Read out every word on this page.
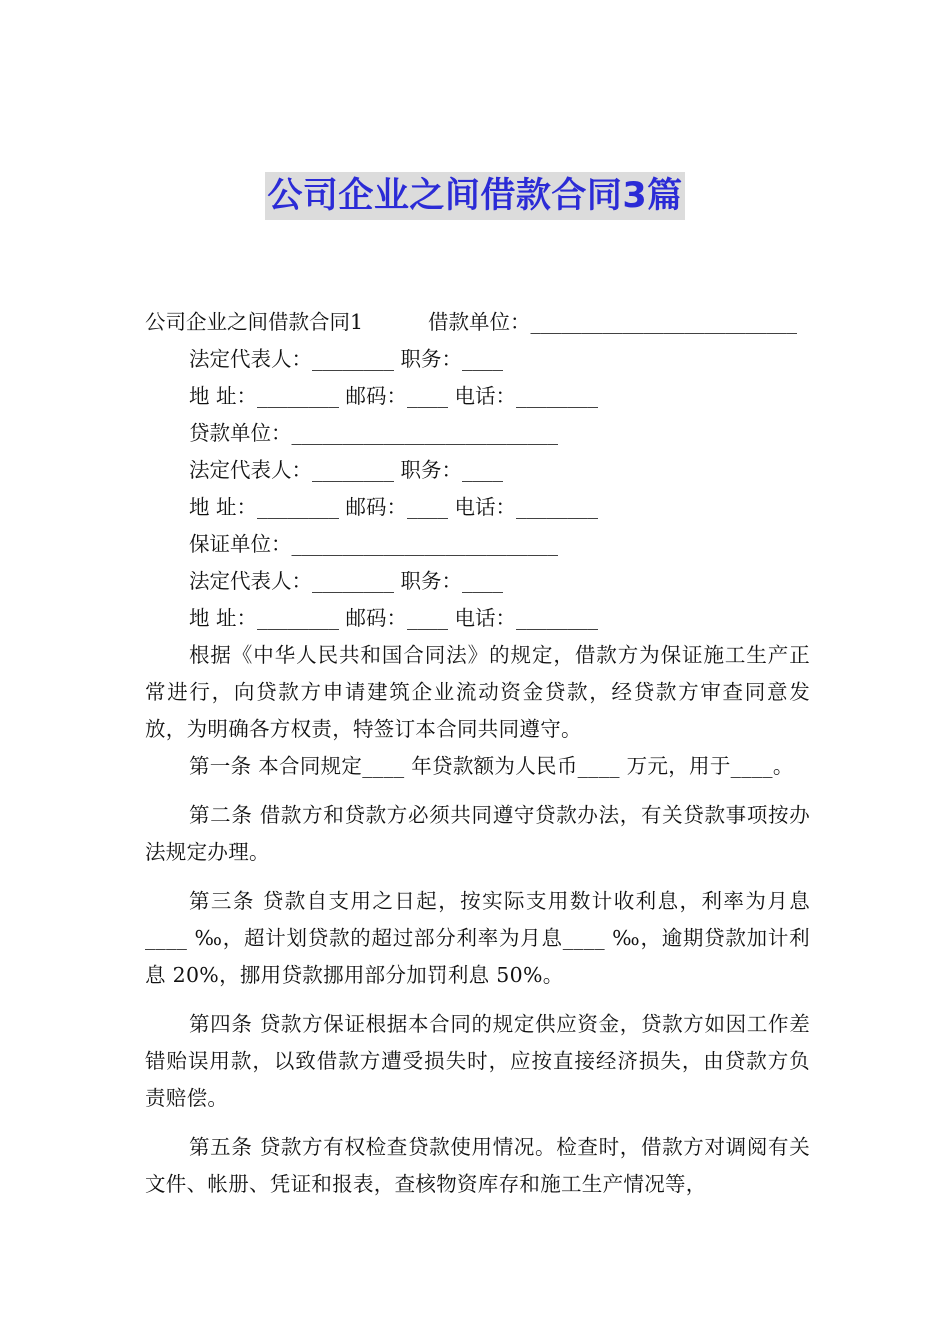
公司企业之间借款合同3篇
公司企业之间借款合同1	借款单位：__________________________
法定代表人：________ 职务：____
地 址：________ 邮码：____ 电话：________
贷款单位：__________________________
法定代表人：________ 职务：____
地 址：________ 邮码：____ 电话：________
保证单位：__________________________
法定代表人：________ 职务：____
地 址：________ 邮码：____ 电话：________

根据《中华人民共和国合同法》的规定，借款方为保证施工生产正常进行，向贷款方申请建筑企业流动资金贷款，经贷款方审查同意发放，为明确各方权责，特签订本合同共同遵守。

第一条 本合同规定____ 年贷款额为人民币____ 万元，用于____。

第二条 借款方和贷款方必须共同遵守贷款办法，有关贷款事项按办法规定办理。

第三条 贷款自支用之日起，按实际支用数计收利息，利率为月息____ ‰，超计划贷款的超过部分利率为月息____ ‰，逾期贷款加计利息 20%，挪用贷款挪用部分加罚利息 50%。

第四条 贷款方保证根据本合同的规定供应资金，贷款方如因工作差错贻误用款，以致借款方遭受损失时，应按直接经济损失，由贷款方负责赔偿。

第五条 贷款方有权检查贷款使用情况。检查时，借款方对调阅有关文件、帐册、凭证和报表，查核物资库存和施工生产情况等，
